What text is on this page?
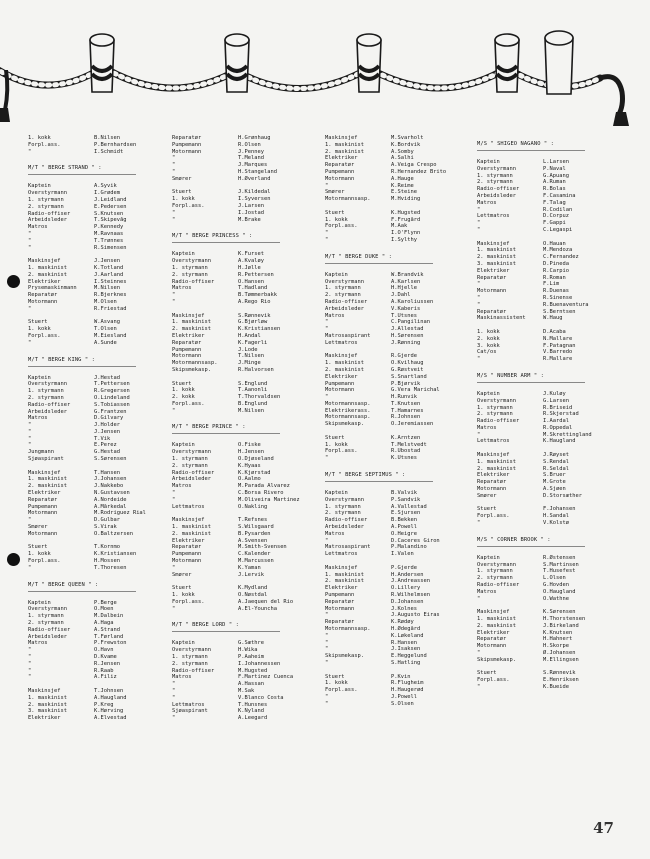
1. kokk	B.Nilsen
Forpl.ass.	P.Bernhardsen
"	I.Schmidt
M/T " BERGE STRAND " :
Kaptein	A.Syvik
Overstyrmann	I.Grødem
1. styrmann	J.Leidland
2. styrmann	E.Pedersen
Radio-offiser	S.Knutsen
Arbeidsleder	T.Skipevåg
Matros	P.Kennedy
"	M.Ravnaas
"	T.Trønnes
"	R.Simensen
Maskinsjef	J.Jensen
1. maskinist	K.Totland
2. maskinist	J.Aarland
Elektriker	I.Steinnes
Prysemaskinmann	M.Nilsen
Reparatør	R.Bjerknes
Motormann	M.Olsen
"	R.Friestad
Stuert	W.Åsvang
1. kokk	T.Olsen
Forpl.ass.	M.Eiesland
"	A.Sunde
M/T " BERGE KING " :
Kaptein	J.Hestad
Overstyrmann	T.Pettersen
1. styrmann	R.Gregersen
2. styrmann	O.Lindeland
Radio-offiser	S.Tobiassen
Arbeidsleder	G.Frantzen
Matros	D.Gilvary
"	J.Holder
"	J.Jensen
"	T.Vik
"	E.Perez
Jungmann	G.Hestad
Sjøaspirant	S.Sørensen
Maskinsjef	T.Hansen
1. maskinist	J.Johansen
2. maskinist	J.Nakkebo
Elektriker	N.Gustavsen
Reparatør	A.Nordeide
Pumpemann	A.Mårkedal
Motormann	M.Rodriguez Rial
"	D.Gulbar
Smører	S.Virak
Motormann	O.Baltzersen
Stuert	T.Kornmo
1. kokk	K.Kristiansen
Forpl.ass.	H.Mossen
"	T.Thoresen
M/T " BERGE QUEEN " :
Kaptein	P.Berge
Overstyrmann	O.Moen
1. styrmann	M.Dalbein
2. styrmann	A.Haga
Radio-offiser	A.Strand
Arbeidsleder	T.Førland
Matros	P.Frewston
"	O.Havn
"	D.Kvame
"	R.Jensen
"	R.Raab
"	A.Filiz
Maskinsjef	T.Johnsen
1. maskinist	A.Haugland
2. maskinist	P.Kreg
3. maskinist	K.Hørving
Elektriker	A.Elvestad
Reparatør	H.Grønhaug
Pumpemann	R.Olsen
Motormann	J.Penney
"	T.Meland
"	J.Marques
"	H.Stangeland
Smører	H.Øverland
Stuert	J.Kildedal
1. kokk	I.Syversen
Forpl.ass.	J.Larsen
"	I.Jostad
"	M.Brake
M/T " BERGE PRINCESS " :
Kaptein	K.Furset
Overstyrmann	A.Kvaløy
1. styrmann	H.Jølle
2. styrmann	R.Pettersen
Radio-offiser	O.Hansen
Matros	T.Hadland
"	B.Tømmerbakk
"	A.Rego Rio
Maskinsjef	S.Rønnevik
1. maskinist	G.Bjørløw
2. maskinist	K.Kristiansen
Elektriker	H.Andal
Reparatør	K.Fagerli
Pumpemann	J.Lode
Motormann	T.Nilsen
Motormannsasp.	J.Minge
Skipsmekasp.	R.Halvorsen
Stuert	S.Englund
1. kokk	T.Aanonli
2. kokk	T.Thorvaldsen
Forpl.ass.	B.Englund
"	M.Nilsen
M/T " BERGE PRINCE " :
Kaptein	O.Fiske
Overstyrmann	H.Jensen
1. styrmann	O.Djøseland
2. styrmann	K.Hyaas
Radio-offiser	K.Kjørstad
Arbeidsleder	O.Aalmo
Matros	M.Parada Alvarez
"	C.Borsa Rivero
"	M.Oliveira Martinez
Lettmatros	O.Nakling
Maskinsjef	T.Refsnes
1. maskinist	S.Wilsgaard
2. maskinist	B.Pysarden
Elektriker	A.Svensen
Reparatør	M.Smith-Svensen
Pumpemann	C.Kalender
Motormann	M.Marcussen
"	K.Yaman
Smører	J.Lervik
Stuert	K.Mydland
1. kokk	O.Nøstdal
Forpl.ass.	A.Jaequen del Rio
"	A.El-Youncha
M/T " BERGE LORD " :
Kaptein	G.Sæthre
Overstyrmann	H.Wika
1. styrmann	P.Aaheim
2. styrmann	I.Johannessen
Radio-offiser	M.Hugsted
Matros	F.Martinez Cuenca
"	A.Hassan
"	M.Sak
"	V.Blanco Costa
Lettmatros	T.Hunsnes
Sjøaspirant	K.Nyland
"	A.Leegard
Maskinsjef	M.Svarholt
1. maskinist	K.Bordvik
2. maskinist	A.Somby
Elektriker	A.Salhi
Reparatør	A.Veiga Crespo
Pumpemann	R.Hernandez Brito
Motormann	A.Hauge
"	K.Reime
Smører	E.Steine
Motormannsasp.	M.Hviding
Stuert	K.Hugsted
1. kokk	F.Frugård
Forpl.ass.	M.Aak
"	I.O'Flynn
"	I.Sylthy
M/T " BERGE DUKE " :
Kaptein	W.Brandvik
Overstyrmann	A.Karlsen
1. styrmann	H.Hjelle
2. styrmann	J.Dahl
Radio-offiser	A.Karoliussen
Arbeidsleder	V.Kaberis
Matros	T.Utsnes
"	C.Pangilinan
"	J.Allestad
Matrosaspirant	H.Sørensen
Lettmatros	J.Rønning
Maskinsjef	R.Gjerde
1. maskinist	O.Kvilhaug
2. maskinist	G.Røstveit
Elektriker	S.Snartland
Pumpemann	P.Bjørvik
Motormann	G.Vera Marichal
"	H.Runvik
Motormannsasp.	T.Knutsen
Elektrikerass.	T.Hamarnes
Motormannsasp.	R.Johnsen
Skipsmekasp.	O.Jeremiassen
Stuert	K.Arntzen
1. kokk	T.Melstvedt
Forpl.ass.	R.Ubostad
"	K.Utsnes
M/T " BERGE SEPTIMUS " :
Kaptein	B.Valvik
Overstyrmann	P.Sandvik
1. styrmann	A.Vallestad
2. styrmann	E.Sjursen
Radio-offiser	B.Bekken
Arbeidsleder	A.Powell
Matros	O.Heigre
"	D.Caceres Giron
Matrosaspirant	P.Malandino
Lettmatros	I.Valen
Maskinsjef	P.Gjerde
1. maskinist	H.Andersen
2. maskinist	J.Andreassen
Elektriker	O.Lillery
Pumpemann	R.Wilhelmsen
Reparatør	D.Johansen
Motormann	J.Kolnes
"	J.Augusto Eiras
Reparatør	K.Rødøy
Motormannsasp.	H.Ødegård
"	K.Løkeland
"	R.Hansen
"	J.Isaksen
Skipsmekasp.	E.Heggelund
"	S.Hatling
Stuert	P.Kvin
1. kokk	R.Flugheim
Forpl.ass.	H.Haugerød
"	J.Powell
"	S.Olsen
M/S " SHIGEO NAGANO " :
Kaptein	L.Larsen
Overstyrmann	P.Naval
1. styrmann	G.Apuang
2. styrmann	A.Ruman
Radio-offiser	R.Bolas
Arbeidsleder	F.Casamina
Matros	F.Talag
"	R.Codilan
Lettmatros	D.Corpuz
"	F.Gappi
"	C.Legaspi
Maskinsjef	O.Hauan
1. maskinist	M.Mendoza
2. maskinist	C.Fernandez
3. maskinist	D.Pineda
Elektriker	R.Carpio
Reparatør	R.Roman
"	F.Lim
Motormann	R.Duenas
"	R.Sinense
"	R.Buenaventura
Reparatør	S.Berntsen
Maskinassistent	W.Haug
1. kokk	D.Acaba
2. kokk	N.Mallare
3. kokk	F.Patagnan
Cat/os	V.Barredo
"	R.Mallare
M/S " NUMBER ARM " :
Kaptein	J.Kuløy
Overstyrmann	G.Larsen
1. styrmann	R.Briseid
2. styrmann	R.Skjerstad
Radio-offiser	I.Aardal
Matros	R.Oppedal
"	M.Skrettingland
Lettmatros	K.Haugland
Maskinsjef	J.Røyset
1. maskinist	S.Rendal
2. maskinist	R.Seldal
Elektriker	S.Bruer
Reparatør	M.Grote
Motormann	A.Sjøen
Smører	D.Storsæther
Stuert	F.Johansen
Forpl.ass.	H.Sandal
"	V.Kolstø
M/S " CORNER BROOK " :
Kaptein	R.Østensen
Overstyrmann	S.Martinsen
1. styrmann	T.Husefest
2. styrmann	L.Olsen
Radio-offiser	G.Hovden
Matros	O.Haugland
"	O.Wathne
Maskinsjef	K.Sørensen
1. maskinist	H.Thorstensen
2. maskinist	J.Birkeland
Elektriker	K.Knutsen
Reparatør	H.Hahnert
Motormann	H.Skorpe
"	Ø.Johansen
Skipsmekasp.	M.Ellingsen
Stuert	S.Rønnevik
Forpl.ass.	E.Henriksen
"	K.Bueide
47
